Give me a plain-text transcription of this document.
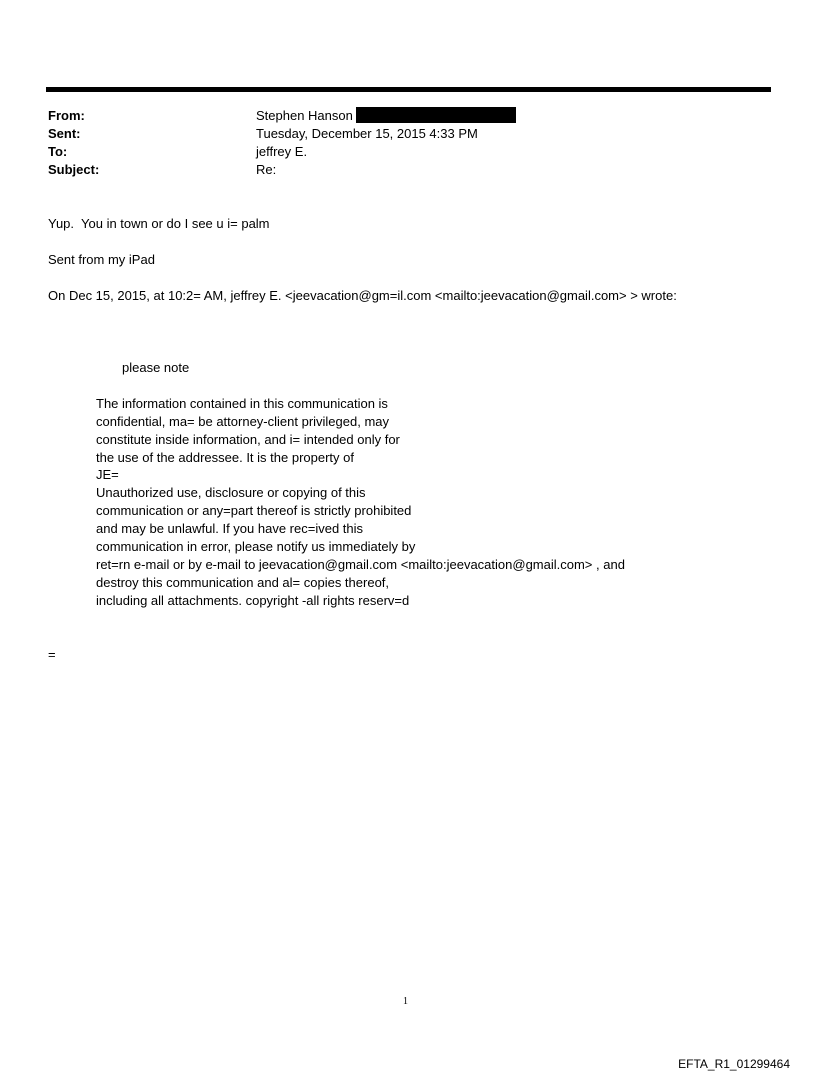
From:	Stephen Hanson
Sent:	Tuesday, December 15, 2015 4:33 PM
To:	jeffrey E.
Subject:	Re:
Yup.  You in town or do I see u i= palm
Sent from my iPad
On Dec 15, 2015, at 10:2= AM, jeffrey E. <jeevacation@gm=il.com <mailto:jeevacation@gmail.com> > wrote:
please note
The information contained in this communication is
confidential, ma= be attorney-client privileged, may
constitute inside information, and i= intended only for
the use of the addressee. It is the property of
JE=
Unauthorized use, disclosure or copying of this
communication or any=part thereof is strictly prohibited
and may be unlawful. If you have rec=ived this
communication in error, please notify us immediately by
ret=rn e-mail or by e-mail to jeevacation@gmail.com <mailto:jeevacation@gmail.com> , and
destroy this communication and al= copies thereof,
including all attachments. copyright -all rights reserv=d
=
1
EFTA_R1_01299464
